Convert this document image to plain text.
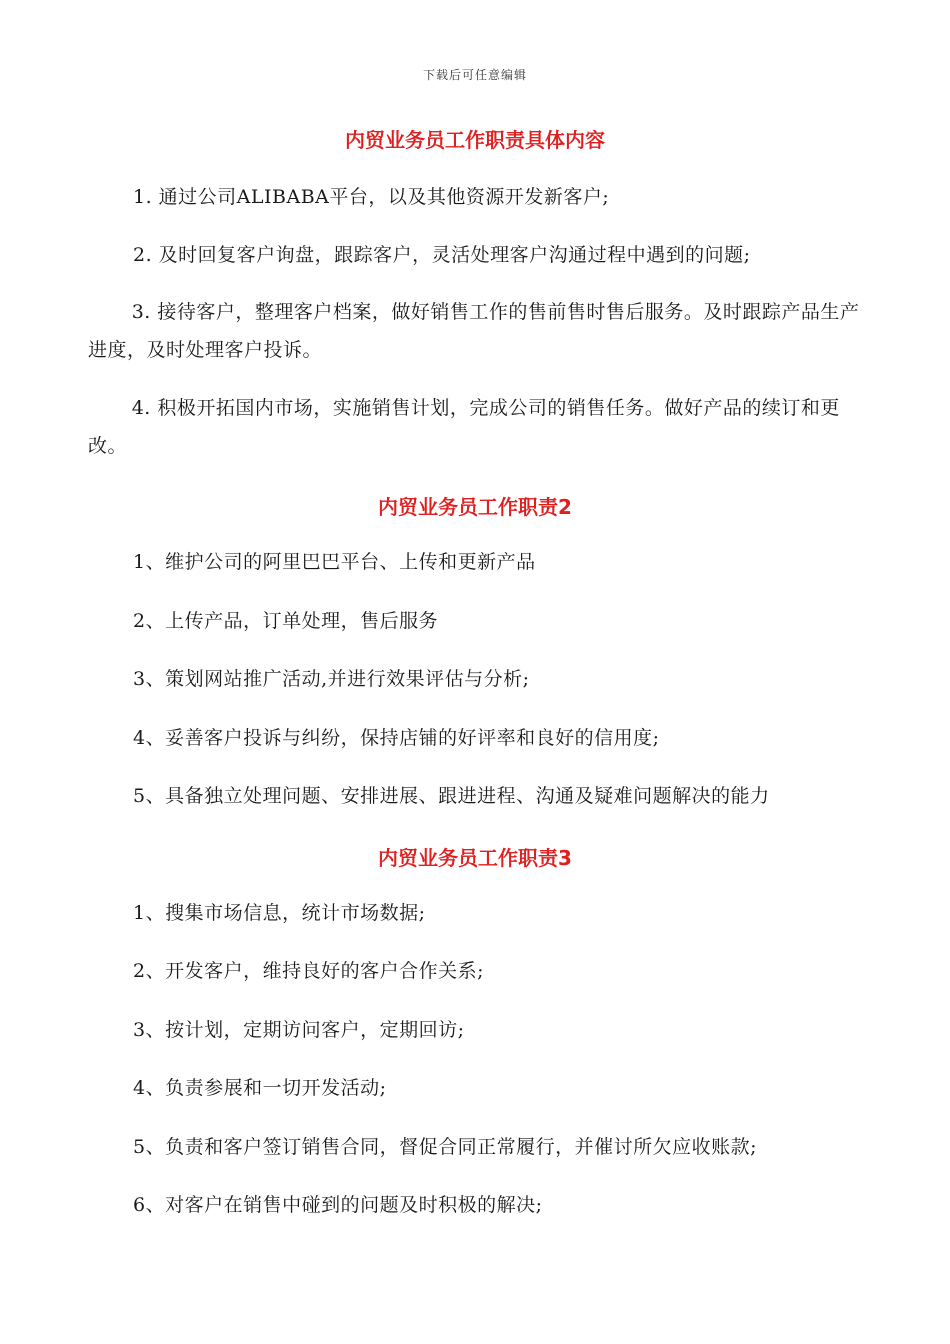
下载后可任意编辑
内贸业务员工作职责具体内容
1. 通过公司ALIBABA平台，以及其他资源开发新客户;
2. 及时回复客户询盘，跟踪客户，灵活处理客户沟通过程中遇到的问题;
3. 接待客户，整理客户档案，做好销售工作的售前售时售后服务。及时跟踪产品生产进度，及时处理客户投诉。
4. 积极开拓国内市场，实施销售计划，完成公司的销售任务。做好产品的续订和更改。
内贸业务员工作职责2
1、维护公司的阿里巴巴平台、上传和更新产品
2、上传产品，订单处理，售后服务
3、策划网站推广活动,并进行效果评估与分析;
4、妥善客户投诉与纠纷，保持店铺的好评率和良好的信用度;
5、具备独立处理问题、安排进展、跟进进程、沟通及疑难问题解决的能力
内贸业务员工作职责3
1、搜集市场信息，统计市场数据;
2、开发客户，维持良好的客户合作关系;
3、按计划，定期访问客户，定期回访;
4、负责参展和一切开发活动;
5、负责和客户签订销售合同，督促合同正常履行，并催讨所欠应收账款;
6、对客户在销售中碰到的问题及时积极的解决;
